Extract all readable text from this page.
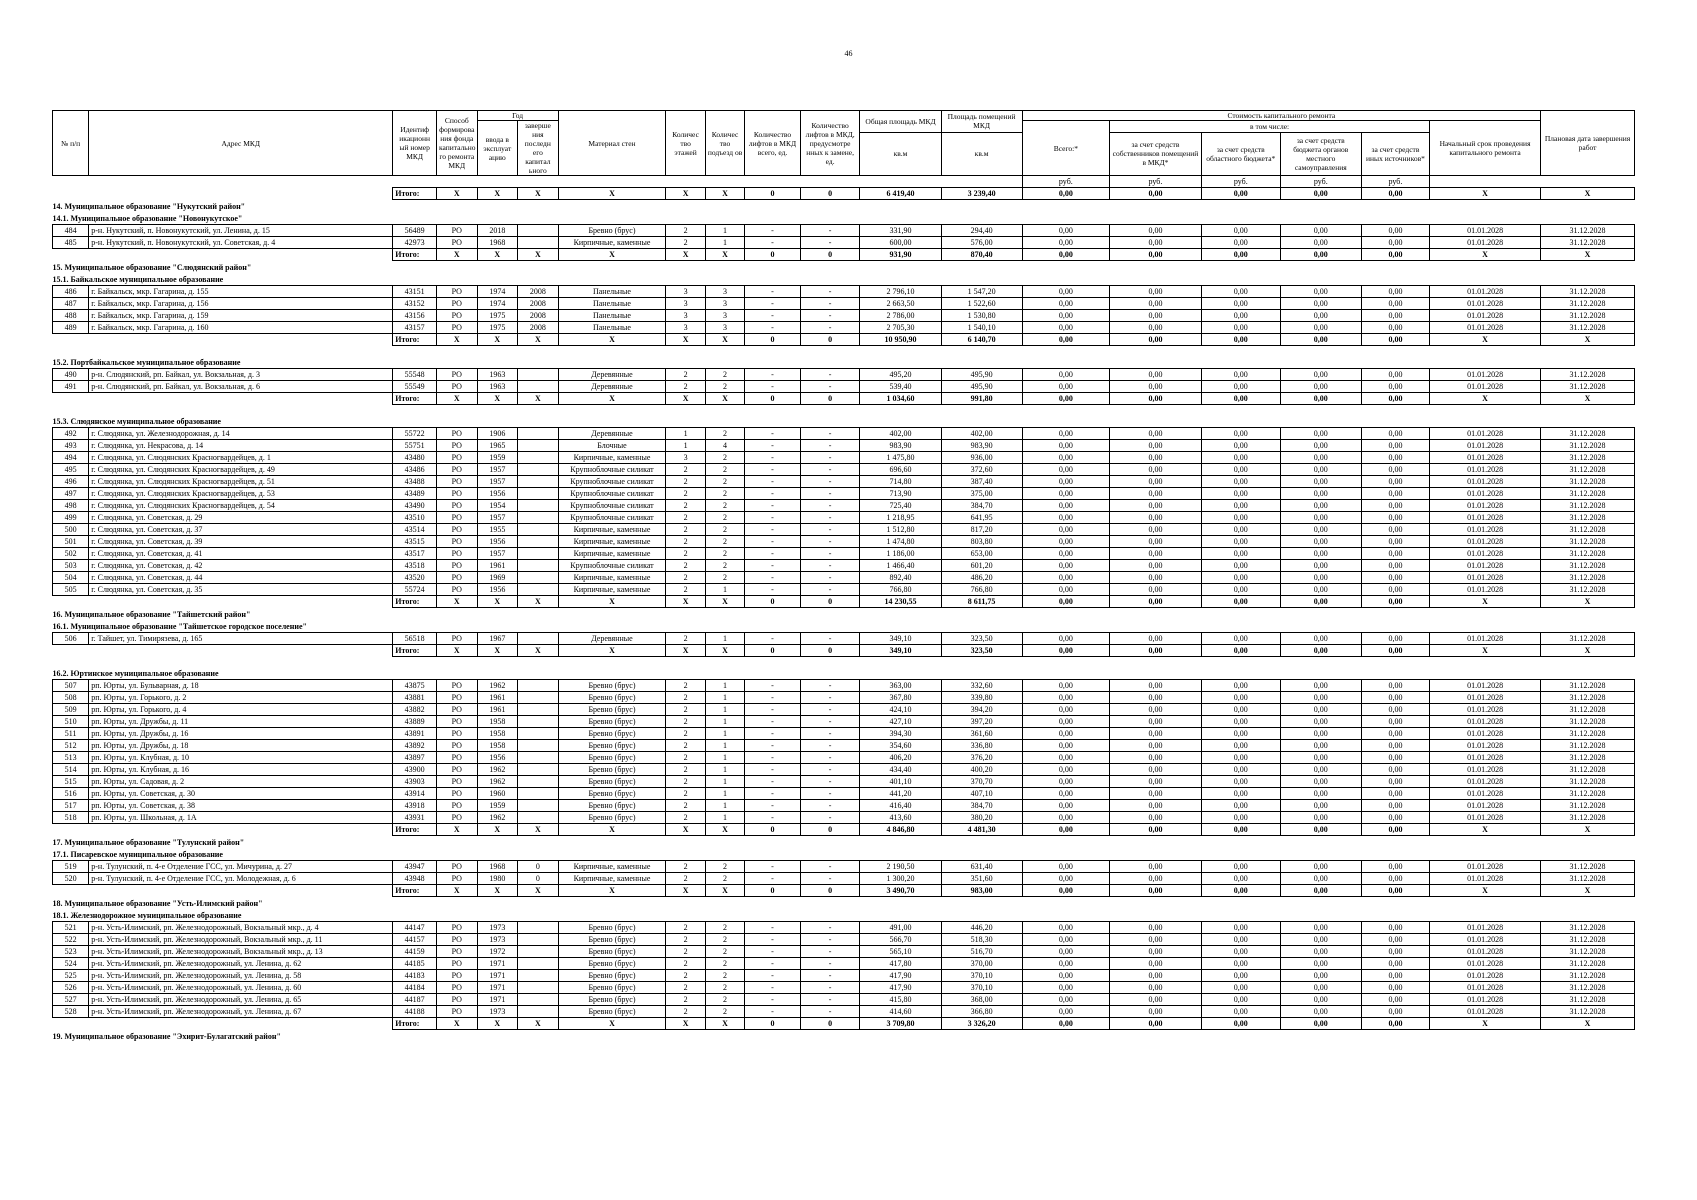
46
№ п/п	Адрес МКД	Идентиф икационн ый номер МКД	Способ формирова ния фонда капитально го ремонта МКД	Год		Материал стен	Количес тво этажей	Количес тво подъезд ов	Количество лифтов в МКД всего, ед.	Количество лифтов в МКД, предусмотре нных к замене, ед.	Общая площадь МКД	Площадь помещений МКД	Стоимость капитального ремонта						Плановая дата завершения работ
				ввода в эксплуат ацию	заверше ния последн его капитал ьного								Всего:*	в том числе:				Начальный срок проведения капитального ремонта	
											кв.м	кв.м		за счет средств собственников помещений в МКД*	за счет средств областного бюджета*	за счет средств бюджета органов местного самоуправления	за счет средств иных источников*		
													руб.	руб.	руб.	руб.	руб.		
		Итого:	X	X	X	X	X	X	0	0	6 419,40	3 239,40	0,00	0,00	0,00	0,00	0,00	X	X
14. Муниципальное образование "Нукутский район"																			
14.1. Муниципальное образование "Новонукутское"																			
484	р-н. Нукутский, п. Новонукутский, ул. Ленина, д. 15	56489	РО	2018		Бревно (брус)	2	1	-	-	331,90	294,40	0,00	0,00	0,00	0,00	0,00	01.01.2028	31.12.2028
485	р-н. Нукутский, п. Новонукутский, ул. Советская, д. 4	42973	РО	1968		Кирпичные, каменные	2	1	-	-	600,00	576,00	0,00	0,00	0,00	0,00	0,00	01.01.2028	31.12.2028
		Итого:	X	X	X	X	X	X	0	0	931,90	870,40	0,00	0,00	0,00	0,00	0,00	X	X
15. Муниципальное образование "Слюдянский район"																			
15.1. Байкальское муниципальное образование																			
486	г. Байкальск, мкр. Гагарина, д. 155	43151	РО	1974	2008	Панельные	3	3	-	-	2 796,10	1 547,20	0,00	0,00	0,00	0,00	0,00	01.01.2028	31.12.2028
487	г. Байкальск, мкр. Гагарина, д. 156	43152	РО	1974	2008	Панельные	3	3	-	-	2 663,50	1 522,60	0,00	0,00	0,00	0,00	0,00	01.01.2028	31.12.2028
488	г. Байкальск, мкр. Гагарина, д. 159	43156	РО	1975	2008	Панельные	3	3	-	-	2 786,00	1 530,80	0,00	0,00	0,00	0,00	0,00	01.01.2028	31.12.2028
489	г. Байкальск, мкр. Гагарина, д. 160	43157	РО	1975	2008	Панельные	3	3	-	-	2 705,30	1 540,10	0,00	0,00	0,00	0,00	0,00	01.01.2028	31.12.2028
		Итого:	X	X	X	X	X	X	0	0	10 950,90	6 140,70	0,00	0,00	0,00	0,00	0,00	X	X

15.2. Портбайкальское муниципальное образование																			
490	р-н. Слюдянский, рп. Байкал, ул. Вокзальная, д. 3	55548	РО	1963		Деревянные	2	2	-	-	495,20	495,90	0,00	0,00	0,00	0,00	0,00	01.01.2028	31.12.2028
491	р-н. Слюдянский, рп. Байкал, ул. Вокзальная, д. 6	55549	РО	1963		Деревянные	2	2	-	-	539,40	495,90	0,00	0,00	0,00	0,00	0,00	01.01.2028	31.12.2028
		Итого:	X	X	X	X	X	X	0	0	1 034,60	991,80	0,00	0,00	0,00	0,00	0,00	X	X

15.3. Слюдянское муниципальное образование																			
492	г. Слюдянка, ул. Железнодорожная, д. 14	55722	РО	1906		Деревянные	1	2	-	-	402,00	402,00	0,00	0,00	0,00	0,00	0,00	01.01.2028	31.12.2028
493	г. Слюдянка, ул. Некрасова, д. 14	55751	РО	1965		Блочные	1	4	-	-	983,90	983,90	0,00	0,00	0,00	0,00	0,00	01.01.2028	31.12.2028
494	г. Слюдянка, ул. Слюдянских Красногвардейцев, д. 1	43480	РО	1959		Кирпичные, каменные	3	2	-	-	1 475,80	936,00	0,00	0,00	0,00	0,00	0,00	01.01.2028	31.12.2028
495	г. Слюдянка, ул. Слюдянских Красногвардейцев, д. 49	43486	РО	1957		Крупноблочные силикат	2	2	-	-	696,60	372,60	0,00	0,00	0,00	0,00	0,00	01.01.2028	31.12.2028
496	г. Слюдянка, ул. Слюдянских Красногвардейцев, д. 51	43488	РО	1957		Крупноблочные силикат	2	2	-	-	714,80	387,40	0,00	0,00	0,00	0,00	0,00	01.01.2028	31.12.2028
497	г. Слюдянка, ул. Слюдянских Красногвардейцев, д. 53	43489	РО	1956		Крупноблочные силикат	2	2	-	-	713,90	375,00	0,00	0,00	0,00	0,00	0,00	01.01.2028	31.12.2028
498	г. Слюдянка, ул. Слюдянских Красногвардейцев, д. 54	43490	РО	1954		Крупноблочные силикат	2	2	-	-	725,40	384,70	0,00	0,00	0,00	0,00	0,00	01.01.2028	31.12.2028
499	г. Слюдянка, ул. Советская, д. 29	43510	РО	1957		Крупноблочные силикат	2	2	-	-	1 218,95	641,95	0,00	0,00	0,00	0,00	0,00	01.01.2028	31.12.2028
500	г. Слюдянка, ул. Советская, д. 37	43514	РО	1955		Кирпичные, каменные	2	2	-	-	1 512,80	817,20	0,00	0,00	0,00	0,00	0,00	01.01.2028	31.12.2028
501	г. Слюдянка, ул. Советская, д. 39	43515	РО	1956		Кирпичные, каменные	2	2	-	-	1 474,80	803,80	0,00	0,00	0,00	0,00	0,00	01.01.2028	31.12.2028
502	г. Слюдянка, ул. Советская, д. 41	43517	РО	1957		Кирпичные, каменные	2	2	-	-	1 186,00	653,00	0,00	0,00	0,00	0,00	0,00	01.01.2028	31.12.2028
503	г. Слюдянка, ул. Советская, д. 42	43518	РО	1961		Крупноблочные силикат	2	2	-	-	1 466,40	601,20	0,00	0,00	0,00	0,00	0,00	01.01.2028	31.12.2028
504	г. Слюдянка, ул. Советская, д. 44	43520	РО	1969		Кирпичные, каменные	2	2	-	-	892,40	486,20	0,00	0,00	0,00	0,00	0,00	01.01.2028	31.12.2028
505	г. Слюдянка, ул. Советская, д. 35	55724	РО	1956		Кирпичные, каменные	2	1	-	-	766,80	766,80	0,00	0,00	0,00	0,00	0,00	01.01.2028	31.12.2028
		Итого:	X	X	X	X	X	X	0	0	14 230,55	8 611,75	0,00	0,00	0,00	0,00	0,00	X	X
16. Муниципальное образование "Тайшетский район"																			
16.1. Муниципальное образование "Тайшетское городское поселение"																			
506	г. Тайшет, ул. Тимирязева, д. 165	56518	РО	1967		Деревянные	2	1	-	-	349,10	323,50	0,00	0,00	0,00	0,00	0,00	01.01.2028	31.12.2028
		Итого:	X	X	X	X	X	X	0	0	349,10	323,50	0,00	0,00	0,00	0,00	0,00	X	X

16.2. Юртинское муниципальное образование																			
507	рп. Юрты, ул. Бульварная, д. 18	43875	РО	1962		Бревно (брус)	2	1	-	-	363,00	332,60	0,00	0,00	0,00	0,00	0,00	01.01.2028	31.12.2028
508	рп. Юрты, ул. Горького, д. 2	43881	РО	1961		Бревно (брус)	2	1	-	-	367,80	339,80	0,00	0,00	0,00	0,00	0,00	01.01.2028	31.12.2028
509	рп. Юрты, ул. Горького, д. 4	43882	РО	1961		Бревно (брус)	2	1	-	-	424,10	394,20	0,00	0,00	0,00	0,00	0,00	01.01.2028	31.12.2028
510	рп. Юрты, ул. Дружбы, д. 11	43889	РО	1958		Бревно (брус)	2	1	-	-	427,10	397,20	0,00	0,00	0,00	0,00	0,00	01.01.2028	31.12.2028
511	рп. Юрты, ул. Дружбы, д. 16	43891	РО	1958		Бревно (брус)	2	1	-	-	394,30	361,60	0,00	0,00	0,00	0,00	0,00	01.01.2028	31.12.2028
512	рп. Юрты, ул. Дружбы, д. 18	43892	РО	1958		Бревно (брус)	2	1	-	-	354,60	336,80	0,00	0,00	0,00	0,00	0,00	01.01.2028	31.12.2028
513	рп. Юрты, ул. Клубная, д. 10	43897	РО	1956		Бревно (брус)	2	1	-	-	406,20	376,20	0,00	0,00	0,00	0,00	0,00	01.01.2028	31.12.2028
514	рп. Юрты, ул. Клубная, д. 16	43900	РО	1962		Бревно (брус)	2	1	-	-	434,40	400,20	0,00	0,00	0,00	0,00	0,00	01.01.2028	31.12.2028
515	рп. Юрты, ул. Садовая, д. 2	43903	РО	1962		Бревно (брус)	2	1	-	-	401,10	370,70	0,00	0,00	0,00	0,00	0,00	01.01.2028	31.12.2028
516	рп. Юрты, ул. Советская, д. 30	43914	РО	1960		Бревно (брус)	2	1	-	-	441,20	407,10	0,00	0,00	0,00	0,00	0,00	01.01.2028	31.12.2028
517	рп. Юрты, ул. Советская, д. 38	43918	РО	1959		Бревно (брус)	2	1	-	-	416,40	384,70	0,00	0,00	0,00	0,00	0,00	01.01.2028	31.12.2028
518	рп. Юрты, ул. Школьная, д. 1А	43931	РО	1962		Бревно (брус)	2	1	-	-	413,60	380,20	0,00	0,00	0,00	0,00	0,00	01.01.2028	31.12.2028
		Итого:	X	X	X	X	X	X	0	0	4 846,80	4 481,30	0,00	0,00	0,00	0,00	0,00	X	X
17. Муниципальное образование "Тулунский район"																			
17.1. Писаревское муниципальное образование																			
519	р-н. Тулунский, п. 4-е Отделение ГСС, ул. Мичурина, д. 27	43947	РО	1968	0	Кирпичные, каменные	2	2	-	-	2 190,50	631,40	0,00	0,00	0,00	0,00	0,00	01.01.2028	31.12.2028
520	р-н. Тулунский, п. 4-е Отделение ГСС, ул. Молодежная, д. 6	43948	РО	1980	0	Кирпичные, каменные	2	2	-	-	1 300,20	351,60	0,00	0,00	0,00	0,00	0,00	01.01.2028	31.12.2028
		Итого:	X	X	X	X	X	X	0	0	3 490,70	983,00	0,00	0,00	0,00	0,00	0,00	X	X
18. Муниципальное образование "Усть-Илимский район"																			
18.1. Железнодорожное муниципальное образование																			
521	р-н. Усть-Илимский, рп. Железнодорожный, Вокзальный мкр., д. 4	44147	РО	1973		Бревно (брус)	2	2	-	-	491,00	446,20	0,00	0,00	0,00	0,00	0,00	01.01.2028	31.12.2028
522	р-н. Усть-Илимский, рп. Железнодорожный, Вокзальный мкр., д. 11	44157	РО	1973		Бревно (брус)	2	2	-	-	566,70	518,30	0,00	0,00	0,00	0,00	0,00	01.01.2028	31.12.2028
523	р-н. Усть-Илимский, рп. Железнодорожный, Вокзальный мкр., д. 13	44159	РО	1972		Бревно (брус)	2	2	-	-	565,10	516,70	0,00	0,00	0,00	0,00	0,00	01.01.2028	31.12.2028
524	р-н. Усть-Илимский, рп. Железнодорожный, ул. Ленина, д. 62	44185	РО	1971		Бревно (брус)	2	2	-	-	417,80	370,00	0,00	0,00	0,00	0,00	0,00	01.01.2028	31.12.2028
525	р-н. Усть-Илимский, рп. Железнодорожный, ул. Ленина, д. 58	44183	РО	1971		Бревно (брус)	2	2	-	-	417,90	370,10	0,00	0,00	0,00	0,00	0,00	01.01.2028	31.12.2028
526	р-н. Усть-Илимский, рп. Железнодорожный, ул. Ленина, д. 60	44184	РО	1971		Бревно (брус)	2	2	-	-	417,90	370,10	0,00	0,00	0,00	0,00	0,00	01.01.2028	31.12.2028
527	р-н. Усть-Илимский, рп. Железнодорожный, ул. Ленина, д. 65	44187	РО	1971		Бревно (брус)	2	2	-	-	415,80	368,00	0,00	0,00	0,00	0,00	0,00	01.01.2028	31.12.2028
528	р-н. Усть-Илимский, рп. Железнодорожный, ул. Ленина, д. 67	44188	РО	1973		Бревно (брус)	2	2	-	-	414,60	366,80	0,00	0,00	0,00	0,00	0,00	01.01.2028	31.12.2028
		Итого:	X	X	X	X	X	X	0	0	3 709,80	3 326,20	0,00	0,00	0,00	0,00	0,00	X	X
19. Муниципальное образование "Эхирит-Булагатский район"																			
